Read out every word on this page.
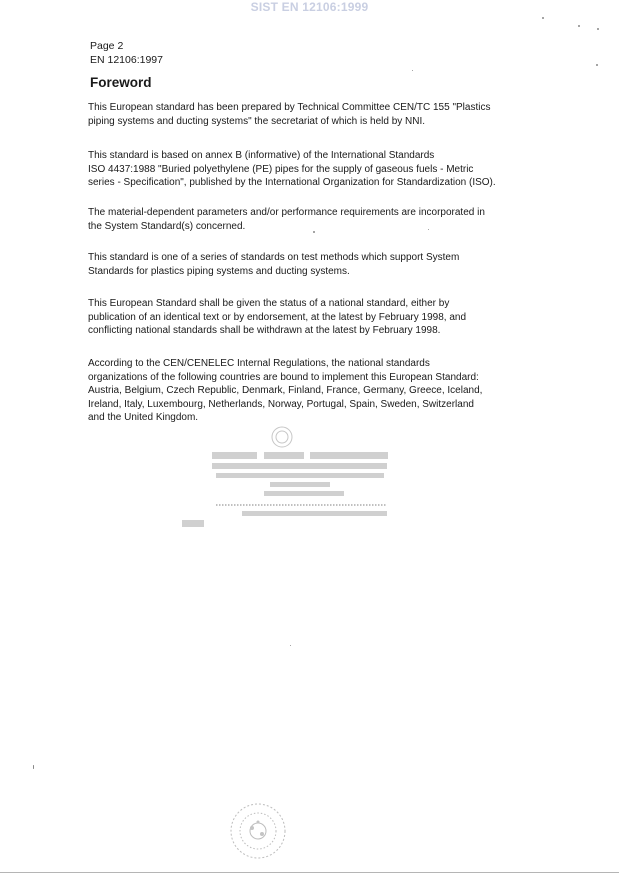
SIST EN 12106:1999
Page 2
EN 12106:1997
Foreword
This European standard has been prepared by Technical Committee CEN/TC 155 "Plastics
piping systems and ducting systems" the secretariat of which is held by NNI.
This standard is based on annex B (informative) of the International Standards
ISO 4437:1988 "Buried polyethylene (PE) pipes for the supply of gaseous fuels - Metric
series - Specification", published by the International Organization for Standardization (ISO).
The material-dependent parameters and/or performance requirements are incorporated in
the System Standard(s) concerned.
This standard is one of a series of standards on test methods which support System
Standards for plastics piping systems and ducting systems.
This European Standard shall be given the status of a national standard, either by
publication of an identical text or by endorsement, at the latest by February 1998, and
conflicting national standards shall be withdrawn at the latest by February 1998.
According to the CEN/CENELEC Internal Regulations, the national standards
organizations of the following countries are bound to implement this European Standard:
Austria, Belgium, Czech Republic, Denmark, Finland, France, Germany, Greece, Iceland,
Ireland, Italy, Luxembourg, Netherlands, Norway, Portugal, Spain, Sweden, Switzerland
and the United Kingdom.
